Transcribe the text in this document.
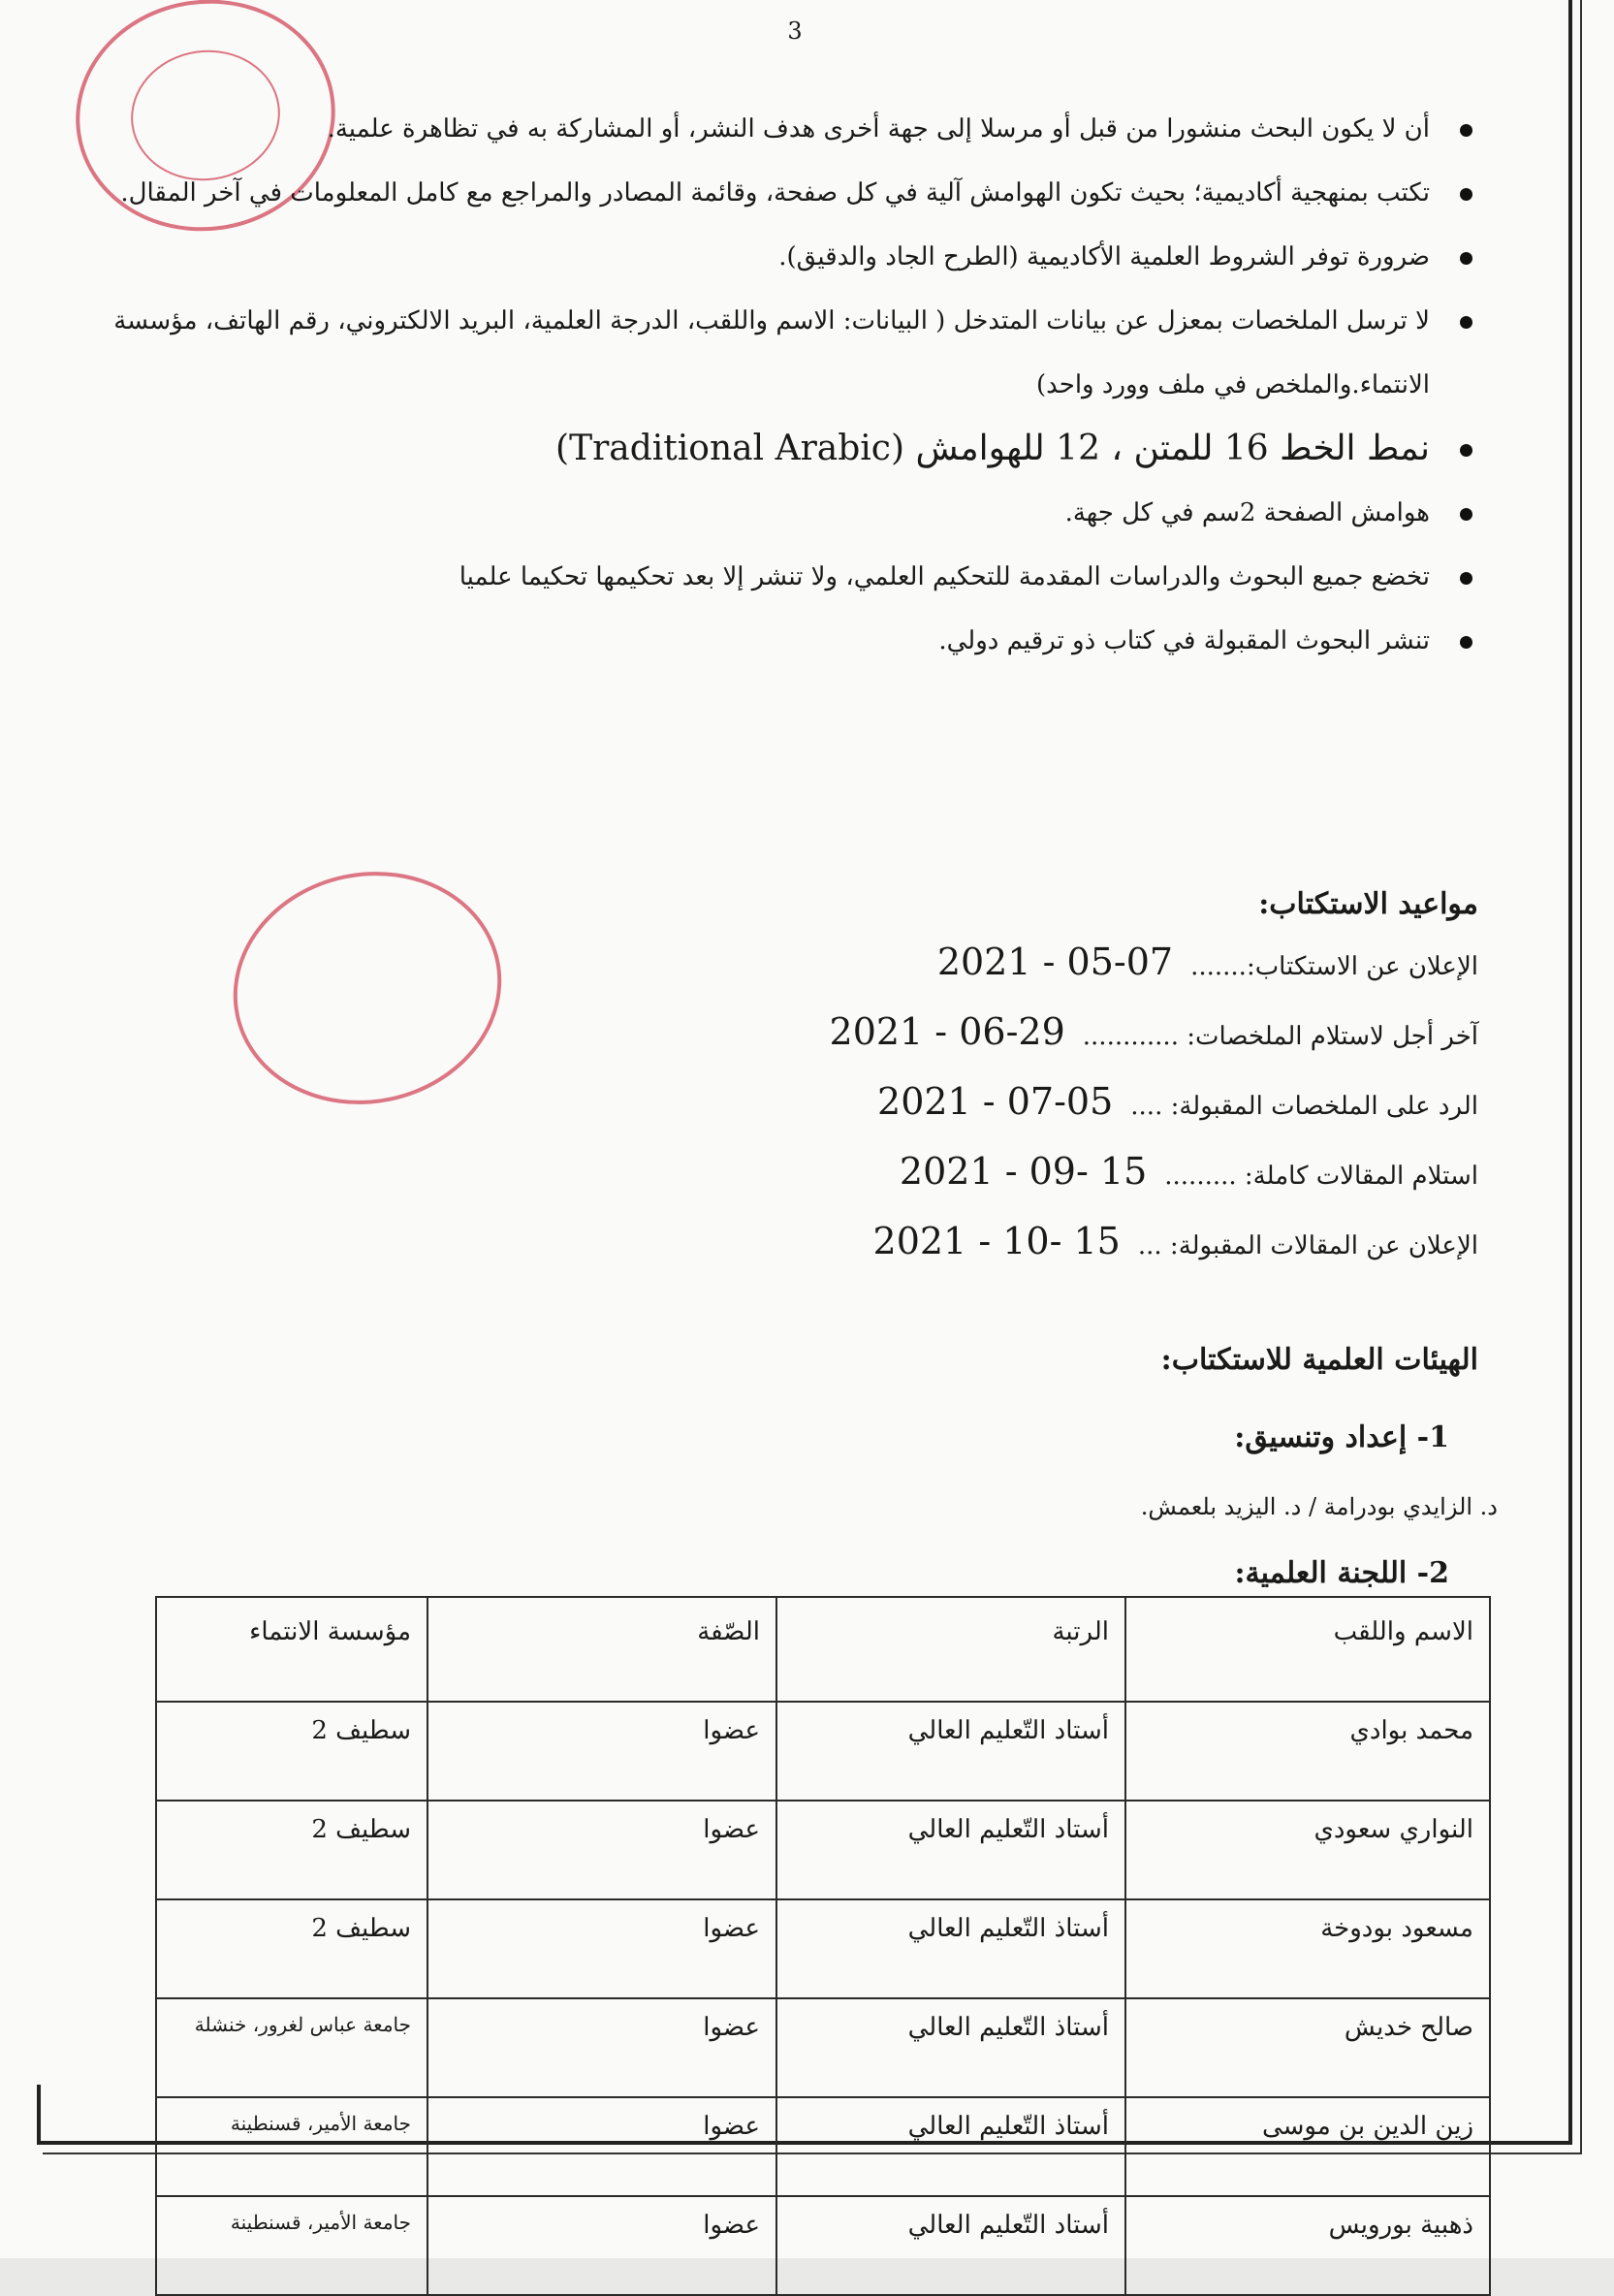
3
أن لا يكون البحث منشورا من قبل أو مرسلا إلى جهة أخرى هدف النشر، أو المشاركة به في تظاهرة علمية.
تكتب بمنهجية أكاديمية؛ بحيث تكون الهوامش آلية في كل صفحة، وقائمة المصادر والمراجع مع كامل المعلومات في آخر المقال.
ضرورة توفر الشروط العلمية الأكاديمية (الطرح الجاد والدقيق).
لا ترسل الملخصات بمعزل عن بيانات المتدخل ( البيانات: الاسم واللقب، الدرجة العلمية، البريد الالكتروني، رقم الهاتف، مؤسسة الانتماء.والملخص في ملف وورد واحد)
نمط الخط 16 للمتن ، 12 للهوامش (Traditional Arabic)
هوامش الصفحة 2سم في كل جهة.
تخضع جميع البحوث والدراسات المقدمة للتحكيم العلمي، ولا تنشر إلا بعد تحكيمها تحكيما علميا
تنشر البحوث المقبولة في كتاب ذو ترقيم دولي.
مواعيد الاستكتاب:
الإعلان عن الاستكتاب:.......
2021 - 05-07
آخر أجل لاستلام الملخصات: ............
2021 - 06-29
الرد على الملخصات المقبولة: ....
2021 - 07-05
استلام المقالات كاملة: .........
2021 - 09- 15
الإعلان عن المقالات المقبولة: ...
2021 - 10- 15
الهيئات العلمية للاستكتاب:
1- إعداد وتنسيق:
د. الزايدي بودرامة / د. اليزيد بلعمش.
2- اللجنة العلمية:
الاسم واللقب	الرتبة	الصّفة	مؤسسة الانتماء
محمد بوادي	أستاد التّعليم العالي	عضوا	سطيف 2
النواري سعودي	أستاد التّعليم العالي	عضوا	سطيف 2
مسعود بودوخة	أستاذ التّعليم العالي	عضوا	سطيف 2
صالح خديش	أستاذ التّعليم العالي	عضوا	جامعة عباس لغرور، خنشلة
زين الدين بن موسى	أستاذ التّعليم العالي	عضوا	جامعة الأمير، قسنطينة
ذهبية بورويس	أستاد التّعليم العالي	عضوا	جامعة الأمير، قسنطينة
